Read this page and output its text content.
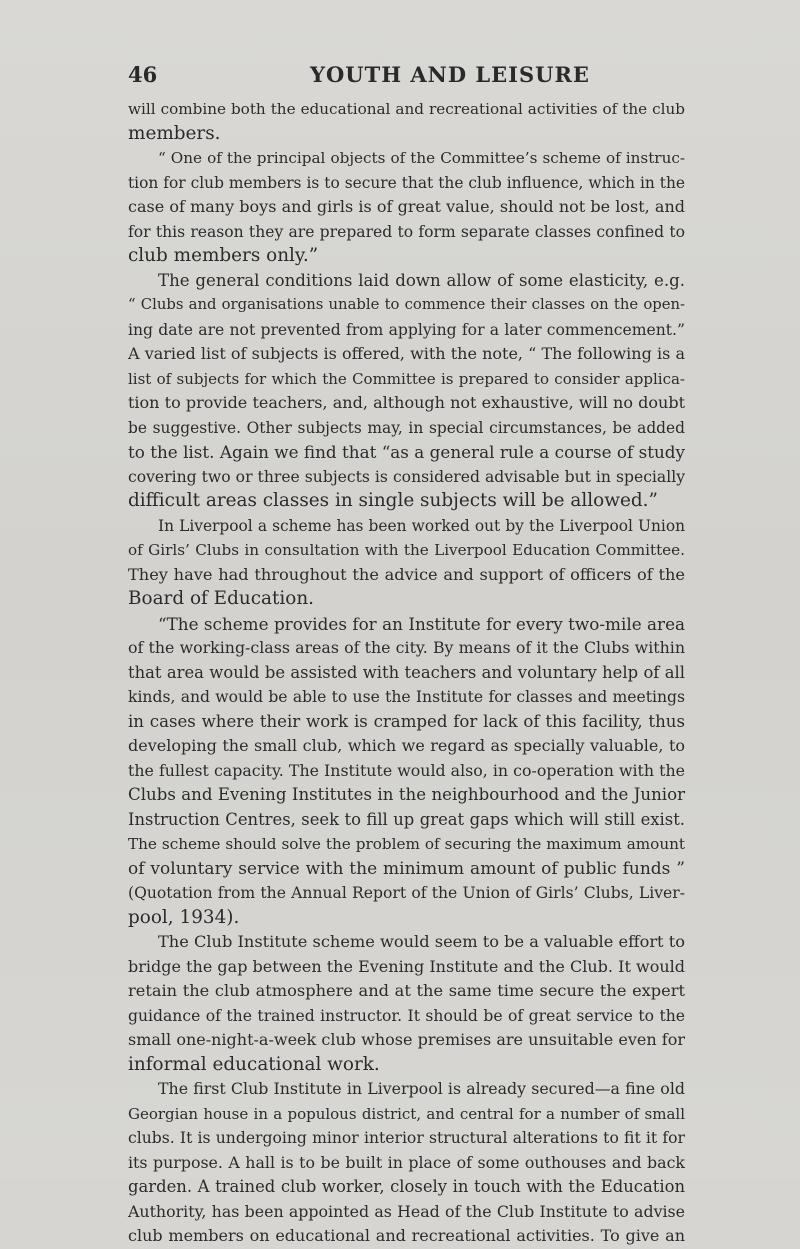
46	YOUTH AND LEISURE
will combine both the educational and recreational activities of the club
members.
“ One of the principal objects of the Committee’s scheme of instruc-
tion for club members is to secure that the club influence, which in the
case of many boys and girls is of great value, should not be lost, and
for this reason they are prepared to form separate classes confined to
club members only.”
The general conditions laid down allow of some elasticity, e.g.
“ Clubs and organisations unable to commence their classes on the open-
ing date are not prevented from applying for a later commencement.”
A varied list of subjects is offered, with the note, “ The following is a
list of subjects for which the Committee is prepared to consider applica-
tion to provide teachers, and, although not exhaustive, will no doubt
be suggestive. Other subjects may, in special circumstances, be added
to the list. Again we find that “as a general rule a course of study
covering two or three subjects is considered advisable but in specially
difficult areas classes in single subjects will be allowed.”
In Liverpool a scheme has been worked out by the Liverpool Union
of Girls’ Clubs in consultation with the Liverpool Education Committee.
They have had throughout the advice and support of officers of the
Board of Education.
“The scheme provides for an Institute for every two-mile area
of the working-class areas of the city. By means of it the Clubs within
that area would be assisted with teachers and voluntary help of all
kinds, and would be able to use the Institute for classes and meetings
in cases where their work is cramped for lack of this facility, thus
developing the small club, which we regard as specially valuable, to
the fullest capacity. The Institute would also, in co-operation with the
Clubs and Evening Institutes in the neighbourhood and the Junior
Instruction Centres, seek to fill up great gaps which will still exist.
The scheme should solve the problem of securing the maximum amount
of voluntary service with the minimum amount of public funds ”
(Quotation from the Annual Report of the Union of Girls’ Clubs, Liver-
pool, 1934).
The Club Institute scheme would seem to be a valuable effort to
bridge the gap between the Evening Institute and the Club. It would
retain the club atmosphere and at the same time secure the expert
guidance of the trained instructor. It should be of great service to the
small one-night-a-week club whose premises are unsuitable even for
informal educational work.
The first Club Institute in Liverpool is already secured—a fine old
Georgian house in a populous district, and central for a number of small
clubs. It is undergoing minor interior structural alterations to fit it for
its purpose. A hall is to be built in place of some outhouses and back
garden. A trained club worker, closely in touch with the Education
Authority, has been appointed as Head of the Club Institute to advise
club members on educational and recreational activities. To give an
